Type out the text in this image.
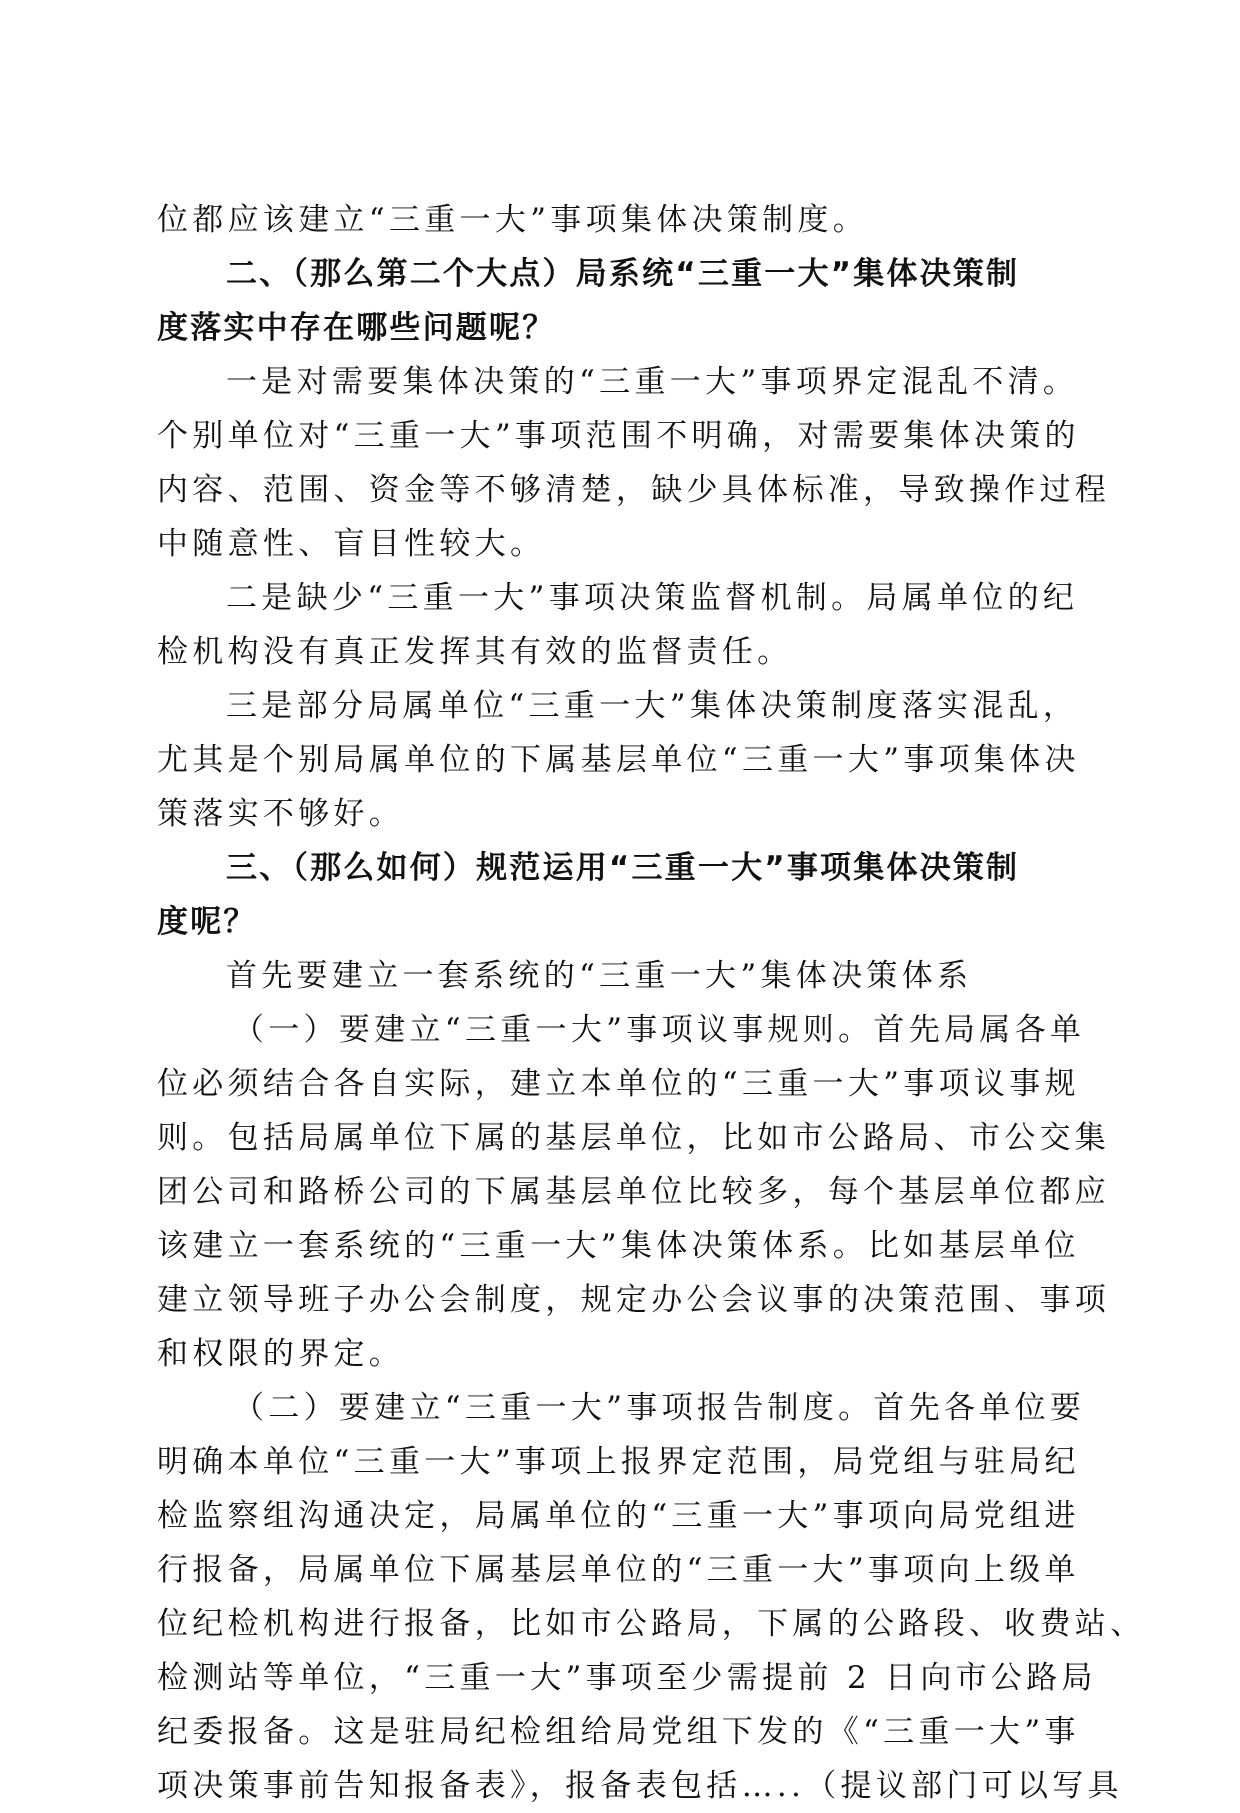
位都应该建立“三重一大”事项集体决策制度。
二、（那么第二个大点）局系统“三重一大”集体决策制
度落实中存在哪些问题呢？
一是对需要集体决策的“三重一大”事项界定混乱不清。
个别单位对“三重一大”事项范围不明确，对需要集体决策的
内容、范围、资金等不够清楚，缺少具体标准，导致操作过程
中随意性、盲目性较大。
二是缺少“三重一大”事项决策监督机制。局属单位的纪
检机构没有真正发挥其有效的监督责任。
三是部分局属单位“三重一大”集体决策制度落实混乱，
尤其是个别局属单位的下属基层单位“三重一大”事项集体决
策落实不够好。
三、（那么如何）规范运用“三重一大”事项集体决策制
度呢？
首先要建立一套系统的“三重一大”集体决策体系
（一）要建立“三重一大”事项议事规则。首先局属各单
位必须结合各自实际，建立本单位的“三重一大”事项议事规
则。包括局属单位下属的基层单位，比如市公路局、市公交集
团公司和路桥公司的下属基层单位比较多，每个基层单位都应
该建立一套系统的“三重一大”集体决策体系。比如基层单位
建立领导班子办公会制度，规定办公会议事的决策范围、事项
和权限的界定。
（二）要建立“三重一大”事项报告制度。首先各单位要
明确本单位“三重一大”事项上报界定范围，局党组与驻局纪
检监察组沟通决定，局属单位的“三重一大”事项向局党组进
行报备，局属单位下属基层单位的“三重一大”事项向上级单
位纪检机构进行报备，比如市公路局，下属的公路段、收费站、
检测站等单位，“三重一大”事项至少需提前 2 日向市公路局
纪委报备。这是驻局纪检组给局党组下发的《“三重一大”事
项决策事前告知报备表》，报备表包括…..（提议部门可以写具
